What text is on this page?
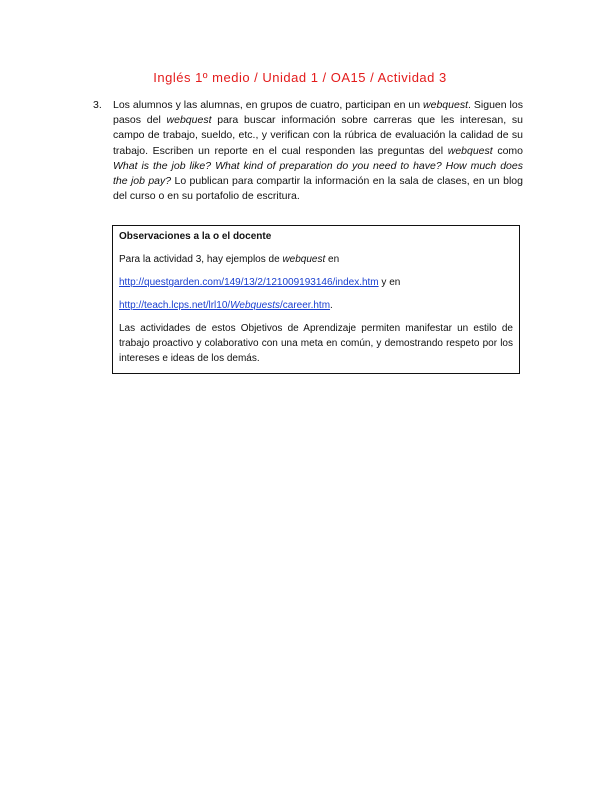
Inglés 1º medio / Unidad 1 / OA15 / Actividad 3
3. Los alumnos y las alumnas, en grupos de cuatro, participan en un webquest. Siguen los pasos del webquest para buscar información sobre carreras que les interesan, su campo de trabajo, sueldo, etc., y verifican con la rúbrica de evaluación la calidad de su trabajo. Escriben un reporte en el cual responden las preguntas del webquest como What is the job like? What kind of preparation do you need to have? How much does the job pay? Lo publican para compartir la información en la sala de clases, en un blog del curso o en su portafolio de escritura.
Observaciones a la o el docente
Para la actividad 3, hay ejemplos de webquest en
http://questgarden.com/149/13/2/121009193146/index.htm y en
http://teach.lcps.net/lrl10/Webquests/career.htm.
Las actividades de estos Objetivos de Aprendizaje permiten manifestar un estilo de trabajo proactivo y colaborativo con una meta en común, y demostrando respeto por los intereses e ideas de los demás.
